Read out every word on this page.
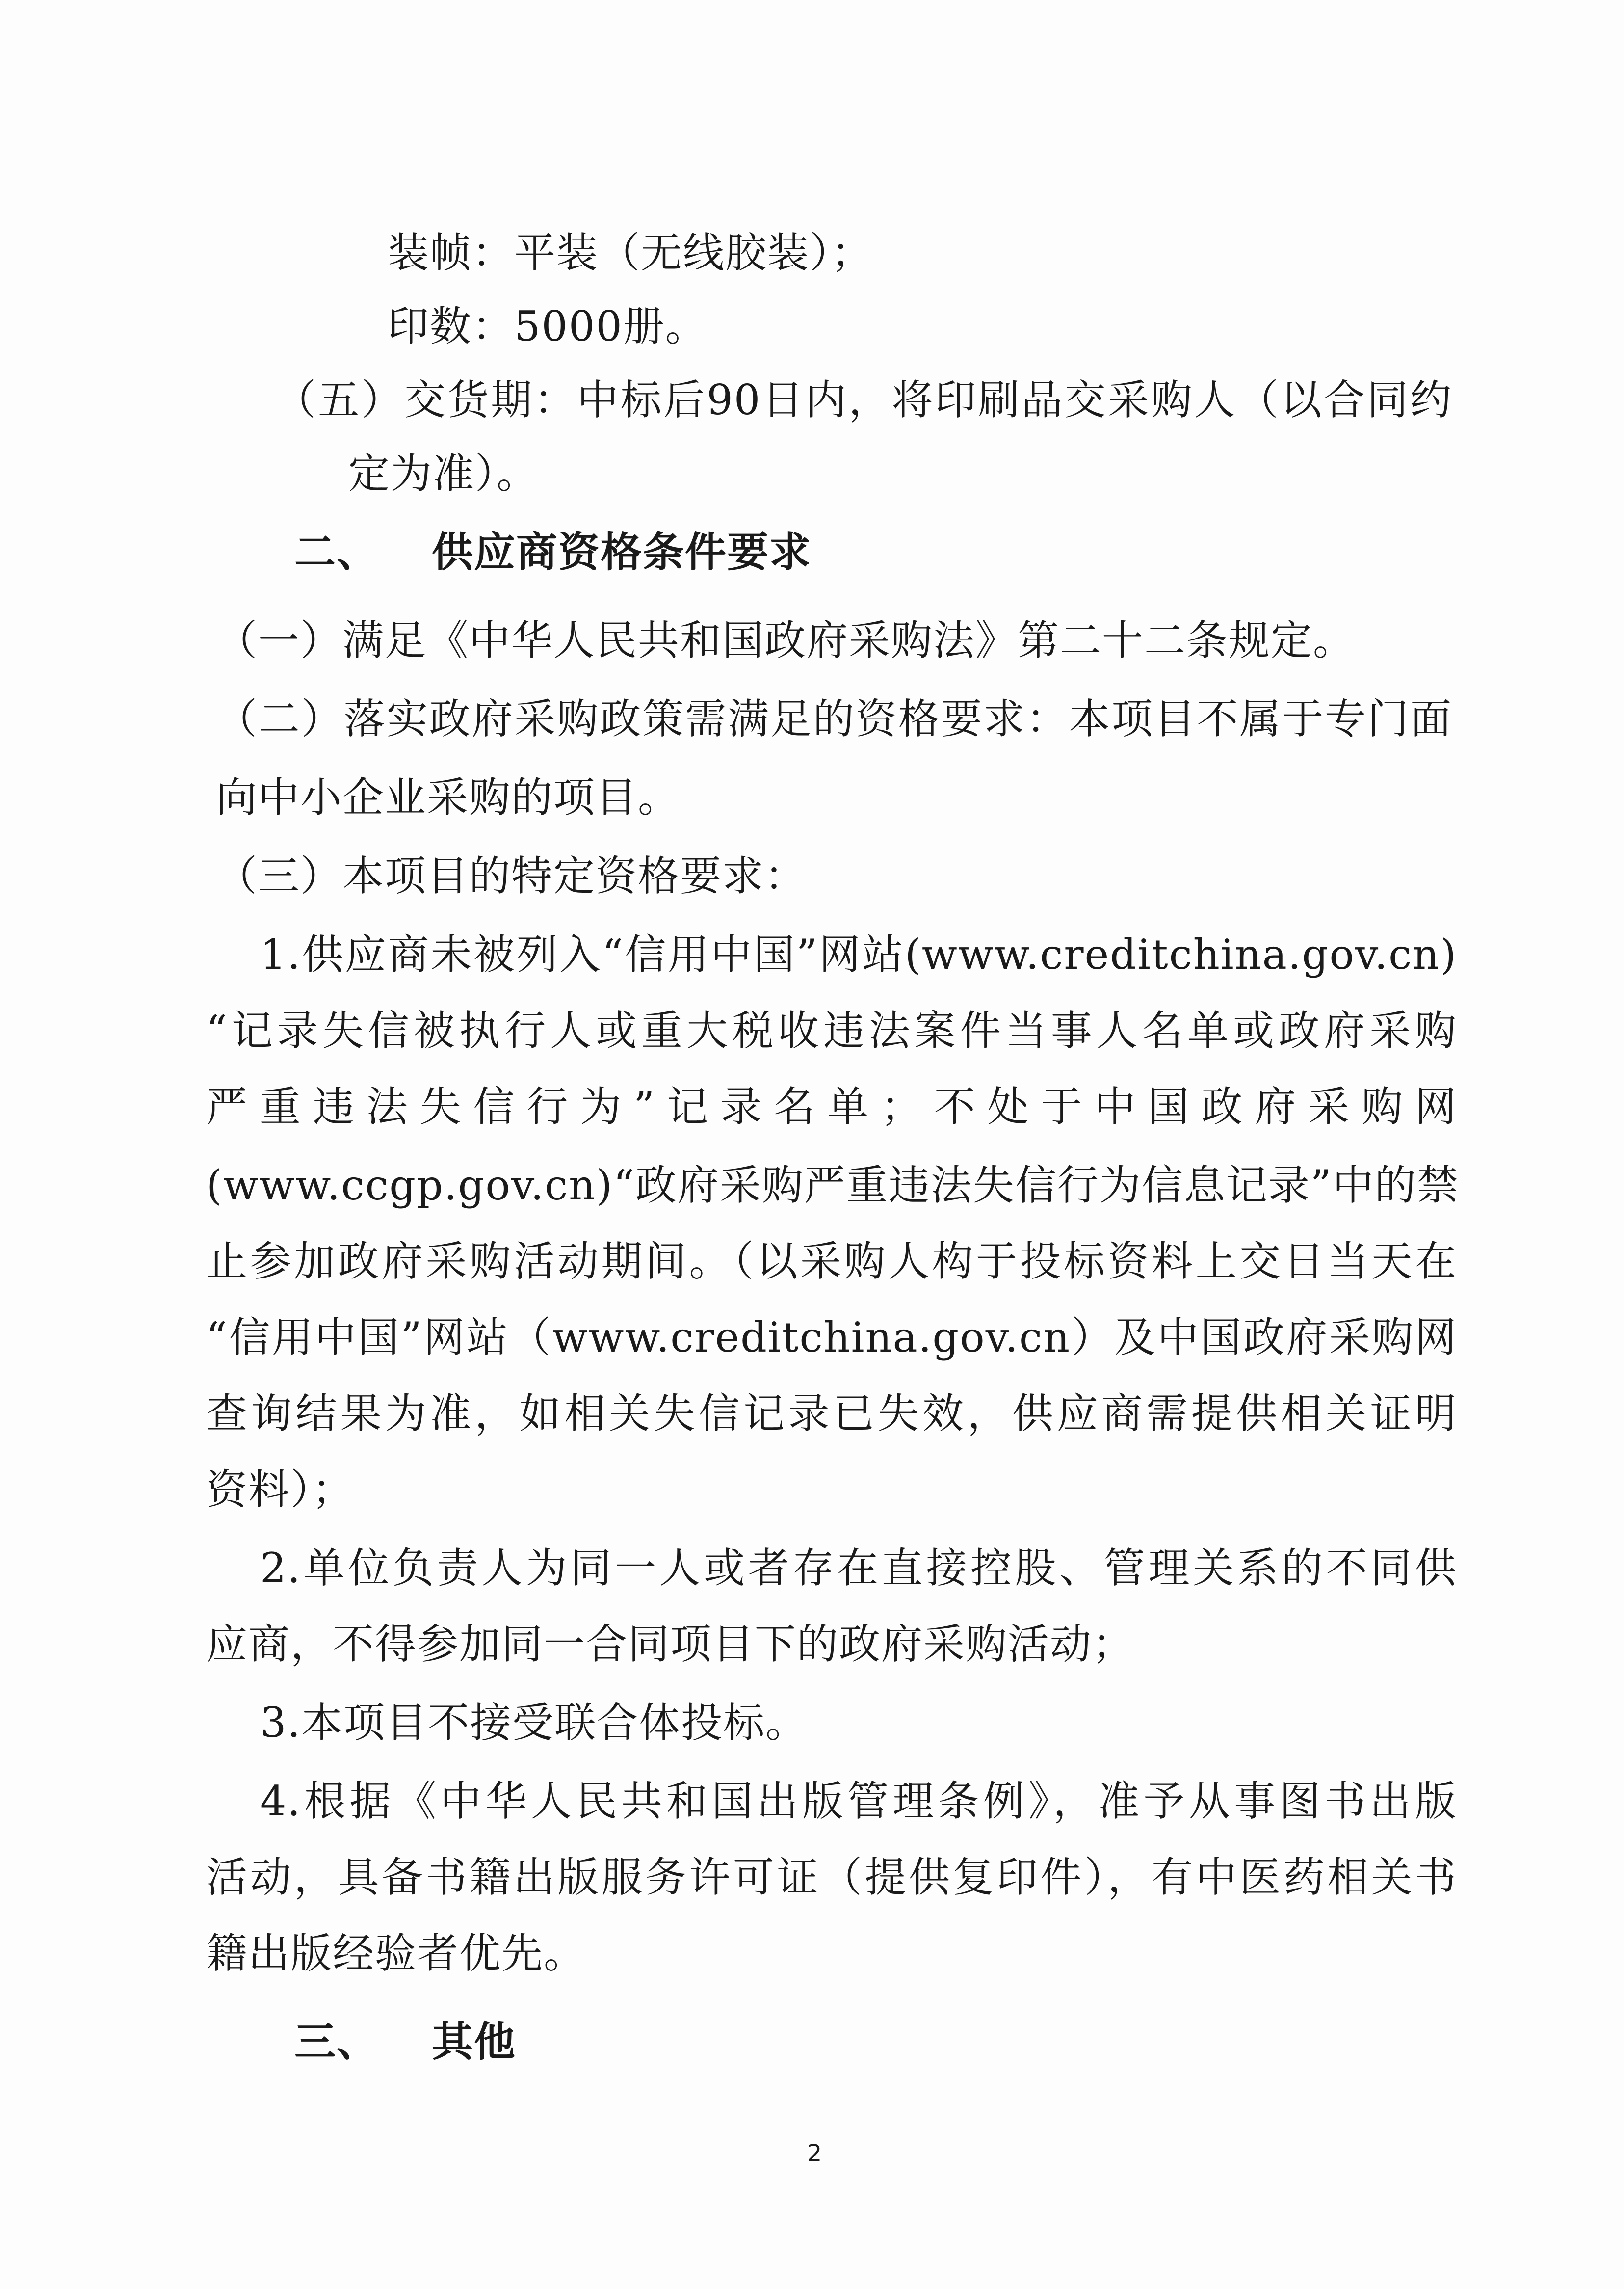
装帧：平装（无线胶装）；
印数：5000册。
（五）交货期：中标后90日内，将印刷品交采购人（以合同约
定为准）。
二、 供应商资格条件要求
（一）满足《中华人民共和国政府采购法》第二十二条规定。
（二）落实政府采购政策需满足的资格要求：本项目不属于专门面
向中小企业采购的项目。
（三）本项目的特定资格要求：
1.供应商未被列入“信用中国”网站(www.creditchina.gov.cn)
“记录失信被执行人或重大税收违法案件当事人名单或政府采购
严重违法失信行为”记录名单；不处于中国政府采购网
(www.ccgp.gov.cn)“政府采购严重违法失信行为信息记录”中的禁
止参加政府采购活动期间。（以采购人构于投标资料上交日当天在
“信用中国”网站（www.creditchina.gov.cn）及中国政府采购网
查询结果为准，如相关失信记录已失效，供应商需提供相关证明
资料）；
2.单位负责人为同一人或者存在直接控股、管理关系的不同供
应商，不得参加同一合同项目下的政府采购活动；
3.本项目不接受联合体投标。
4.根据《中华人民共和国出版管理条例》，准予从事图书出版
活动，具备书籍出版服务许可证（提供复印件），有中医药相关书
籍出版经验者优先。
三、 其他
2
